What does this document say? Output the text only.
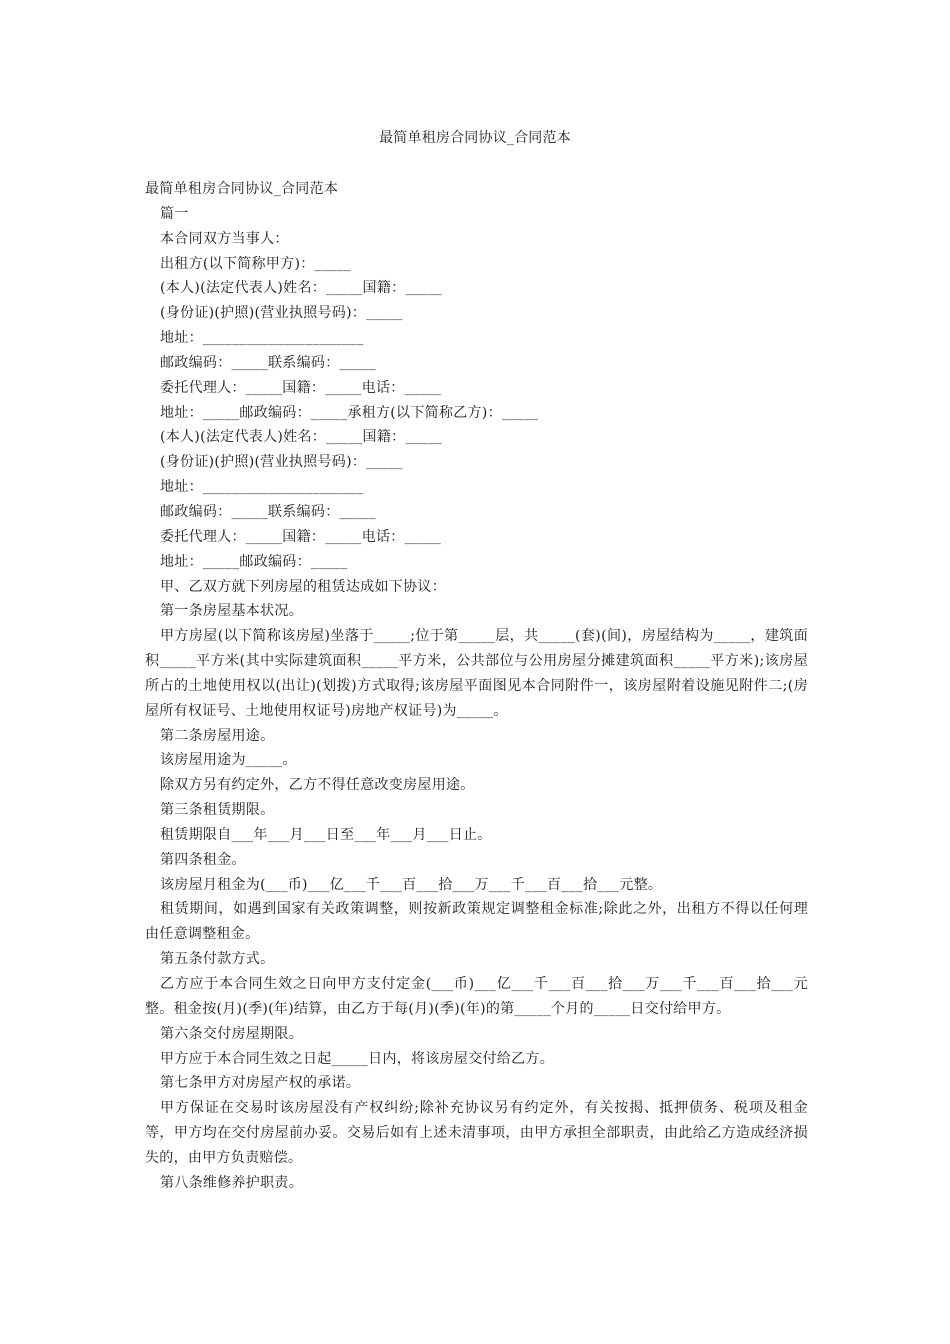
最简单租房合同协议_合同范本

最简单租房合同协议_合同范本

篇一

本合同双方当事人：

出租方(以下简称甲方)：_____

(本人)(法定代表人)姓名：_____国籍：_____

(身份证)(护照)(营业执照号码)：_____

地址：______________________

邮政编码：_____联系编码：_____

委托代理人：_____国籍：_____电话：_____

地址：_____邮政编码：_____承租方(以下简称乙方)：_____

(本人)(法定代表人)姓名：_____国籍：_____

(身份证)(护照)(营业执照号码)：_____

地址：______________________

邮政编码：_____联系编码：_____

委托代理人：_____国籍：_____电话：_____

地址：_____邮政编码：_____

甲、乙双方就下列房屋的租赁达成如下协议：

第一条房屋基本状况。

甲方房屋(以下简称该房屋)坐落于_____;位于第_____层，共_____(套)(间)，房屋结构为_____，建筑面积_____平方米(其中实际建筑面积_____平方米，公共部位与公用房屋分摊建筑面积_____平方米);该房屋所占的土地使用权以(出让)(划拨)方式取得;该房屋平面图见本合同附件一，该房屋附着设施见附件二;(房屋所有权证号、土地使用权证号)房地产权证号)为_____。

第二条房屋用途。

该房屋用途为_____。

除双方另有约定外，乙方不得任意改变房屋用途。

第三条租赁期限。

租赁期限自___年___月___日至___年___月___日止。

第四条租金。

该房屋月租金为(___币)___亿___千___百___拾___万___千___百___拾___元整。

租赁期间，如遇到国家有关政策调整，则按新政策规定调整租金标准;除此之外，出租方不得以任何理由任意调整租金。

第五条付款方式。

乙方应于本合同生效之日向甲方支付定金(___币)___亿___千___百___拾___万___千___百___拾___元整。租金按(月)(季)(年)结算，由乙方于每(月)(季)(年)的第_____个月的_____日交付给甲方。

第六条交付房屋期限。

甲方应于本合同生效之日起_____日内，将该房屋交付给乙方。

第七条甲方对房屋产权的承诺。

甲方保证在交易时该房屋没有产权纠纷;除补充协议另有约定外，有关按揭、抵押债务、税项及租金等，甲方均在交付房屋前办妥。交易后如有上述未清事项，由甲方承担全部职责，由此给乙方造成经济损失的，由甲方负责赔偿。

第八条维修养护职责。
